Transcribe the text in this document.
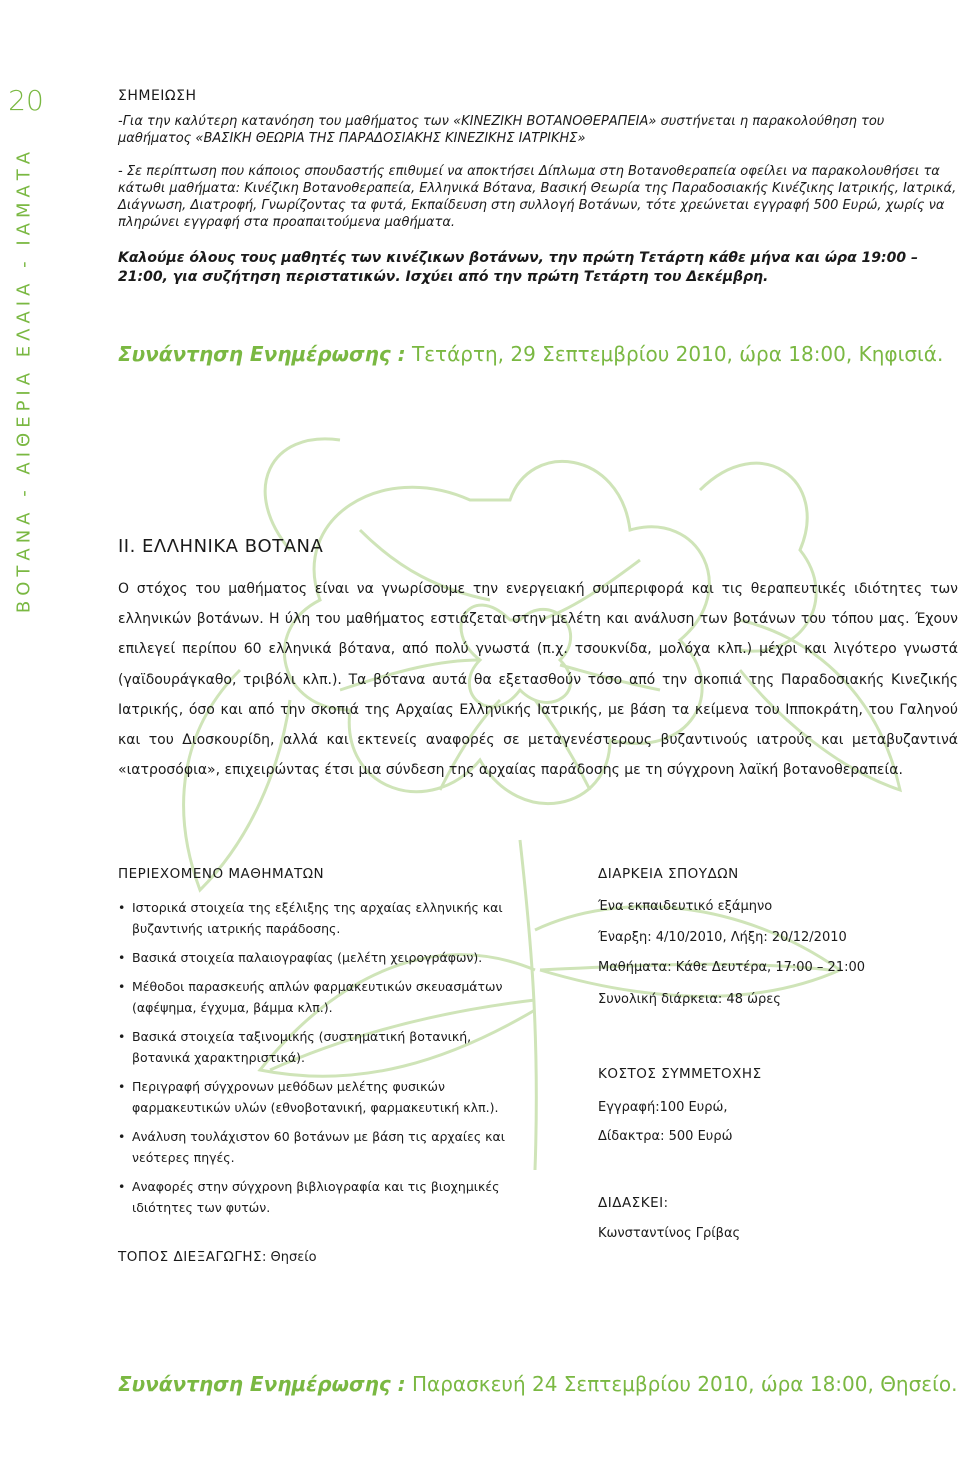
20
ΒΟΤΑΝΑ - ΑΙΘΕΡΙΑ ΕΛΑΙΑ - ΙΑΜΑΤΑ
ΣΗΜΕΙΩΣΗ
-Για την καλύτερη κατανόηση του μαθήματος των «ΚΙΝΕΖΙΚΗ ΒΟΤΑΝΟΘΕΡΑΠΕΙΑ» συστήνεται η παρακολούθηση του μαθήματος «ΒΑΣΙΚΗ ΘΕΩΡΙΑ ΤΗΣ ΠΑΡΑΔΟΣΙΑΚΗΣ ΚΙΝΕΖΙΚΗΣ ΙΑΤΡΙΚΗΣ»
- Σε περίπτωση που κάποιος σπουδαστής επιθυμεί να αποκτήσει Δίπλωμα στη Βοτανοθεραπεία οφείλει να παρακολουθήσει τα κάτωθι μαθήματα: Κινέζικη Βοτανοθεραπεία, Ελληνικά Βότανα, Βασική Θεωρία της Παραδοσιακής Κινέζικης Ιατρικής, Ιατρικά, Διάγνωση, Διατροφή, Γνωρίζοντας τα φυτά, Εκπαίδευση στη συλλογή Βοτάνων, τότε χρεώνεται εγγραφή 500 Ευρώ, χωρίς να πληρώνει εγγραφή στα προαπαιτούμενα μαθήματα.
Καλούμε όλους τους μαθητές των κινέζικων βοτάνων, την πρώτη Τετάρτη κάθε μήνα και ώρα 19:00 – 21:00, για συζήτηση περιστατικών. Ισχύει από την πρώτη Τετάρτη του Δεκέμβρη.
Συνάντηση Ενημέρωσης : Τετάρτη, 29 Σεπτεμβρίου 2010, ώρα 18:00, Κηφισιά.
ΙΙ. ΕΛΛΗΝΙΚΑ ΒΟΤΑΝΑ
Ο στόχος του μαθήματος είναι να γνωρίσουμε την ενεργειακή συμπεριφορά και τις θεραπευτικές ιδιότητες των ελληνικών βοτάνων. Η ύλη του μαθήματος εστιάζεται στην μελέτη και ανάλυση των βοτάνων του τόπου μας. Έχουν επιλεγεί περίπου 60 ελληνικά βότανα, από πολύ γνωστά (π.χ. τσουκνίδα, μολόχα κλπ.) μέχρι και λιγότερο γνωστά (γαϊδουράγκαθο, τριβόλι κλπ.). Τα βότανα αυτά θα εξετασθούν τόσο από την σκοπιά της Παραδοσιακής Κινεζικής Ιατρικής, όσο και από την σκοπιά της Αρχαίας Ελληνικής Ιατρικής, με βάση τα κείμενα του Ιπποκράτη, του Γαληνού και του Διοσκουρίδη, αλλά και εκτενείς αναφορές σε μεταγενέστερους βυζαντινούς ιατρούς και μεταβυζαντινά «ιατροσόφια», επιχειρώντας έτσι μια σύνδεση της αρχαίας παράδοσης με τη σύγχρονη λαϊκή βοτανοθεραπεία.
ΠΕΡΙΕΧΟΜΕΝΟ ΜΑΘΗΜΑΤΩΝ
• Ιστορικά στοιχεία της εξέλιξης της αρχαίας ελληνικής και βυζαντινής ιατρικής παράδοσης.
• Βασικά στοιχεία παλαιογραφίας (μελέτη χειρογράφων).
• Μέθοδοι παρασκευής απλών φαρμακευτικών σκευασμάτων (αφέψημα, έγχυμα, βάμμα κλπ.).
• Βασικά στοιχεία ταξινομικής (συστηματική βοτανική, βοτανικά χαρακτηριστικά).
• Περιγραφή σύγχρονων μεθόδων μελέτης φυσικών φαρμακευτικών υλών (εθνοβοτανική, φαρμακευτική κλπ.).
• Ανάλυση τουλάχιστον 60 βοτάνων με βάση τις αρχαίες και νεότερες πηγές.
• Αναφορές στην σύγχρονη βιβλιογραφία και τις βιοχημικές ιδιότητες των φυτών.
ΤΟΠΟΣ ΔΙΕΞΑΓΩΓΗΣ: Θησείο
ΔΙΑΡΚΕΙΑ ΣΠΟΥΔΩΝ
Ένα εκπαιδευτικό εξάμηνο
Έναρξη: 4/10/2010, Λήξη: 20/12/2010
Μαθήματα: Κάθε Δευτέρα, 17:00 – 21:00
Συνολική διάρκεια: 48 ώρες
ΚΟΣΤΟΣ ΣΥΜΜΕΤΟΧΗΣ
Εγγραφή:100 Ευρώ,
Δίδακτρα: 500 Ευρώ
ΔΙΔΑΣΚΕΙ:
Κωνσταντίνος Γρίβας
Συνάντηση Ενημέρωσης : Παρασκευή 24 Σεπτεμβρίου 2010, ώρα 18:00, Θησείο.
